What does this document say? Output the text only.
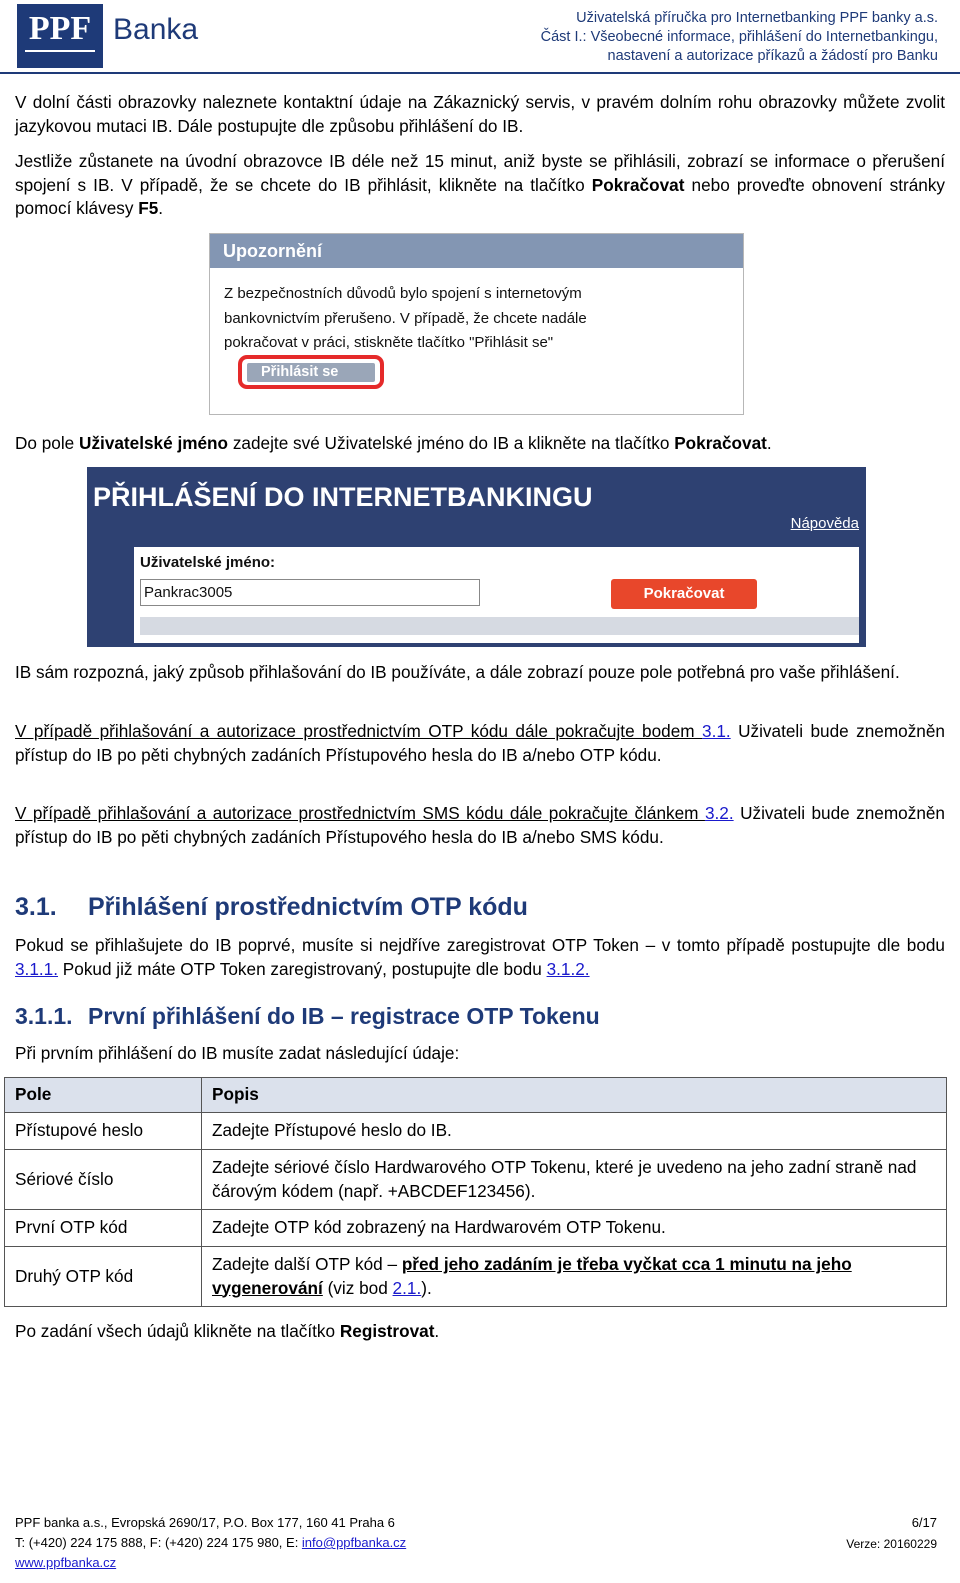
PPF Banka	Uživatelská příručka pro Internetbanking PPF banky a.s.
Část I.: Všeobecné informace, přihlášení do Internetbankingu,
nastavení a autorizace příkazů a žádostí pro Banku
V dolní části obrazovky naleznete kontaktní údaje na Zákaznický servis, v pravém dolním rohu obrazovky můžete zvolit jazykovou mutaci IB. Dále postupujte dle způsobu přihlášení do IB.
Jestliže zůstanete na úvodní obrazovce IB déle než 15 minut, aniž byste se přihlásili, zobrazí se informace o přerušení spojení s IB. V případě, že se chcete do IB přihlásit, klikněte na tlačítko Pokračovat nebo proveďte obnovení stránky pomocí klávesy F5.
Upozornění
Z bezpečnostních důvodů bylo spojení s internetovým
bankovnictvím přerušeno. V případě, že chcete nadále
pokračovat v práci, stiskněte tlačítko "Přihlásit se"
Přihlásit se
Do pole Uživatelské jméno zadejte své Uživatelské jméno do IB a klikněte na tlačítko Pokračovat.
PŘIHLÁŠENÍ DO INTERNETBANKINGU
Nápověda
Uživatelské jméno:
Pankrac3005	Pokračovat
IB sám rozpozná, jaký způsob přihlašování do IB používáte, a dále zobrazí pouze pole potřebná pro vaše přihlášení.
V případě přihlašování a autorizace prostřednictvím OTP kódu dále pokračujte bodem 3.1. Uživateli bude znemožněn přístup do IB po pěti chybných zadáních Přístupového hesla do IB a/nebo OTP kódu.
V případě přihlašování a autorizace prostřednictvím SMS kódu dále pokračujte článkem 3.2. Uživateli bude znemožněn přístup do IB po pěti chybných zadáních Přístupového hesla do IB a/nebo SMS kódu.
3.1. Přihlášení prostřednictvím OTP kódu
Pokud se přihlašujete do IB poprvé, musíte si nejdříve zaregistrovat OTP Token – v tomto případě postupujte dle bodu 3.1.1. Pokud již máte OTP Token zaregistrovaný, postupujte dle bodu 3.1.2.
3.1.1. První přihlášení do IB – registrace OTP Tokenu
Při prvním přihlášení do IB musíte zadat následující údaje:
Pole	Popis
Přístupové heslo	Zadejte Přístupové heslo do IB.
Sériové číslo	Zadejte sériové číslo Hardwarového OTP Tokenu, které je uvedeno na jeho zadní straně nad čárovým kódem (např. +ABCDEF123456).
První OTP kód	Zadejte OTP kód zobrazený na Hardwarovém OTP Tokenu.
Druhý OTP kód	Zadejte další OTP kód – před jeho zadáním je třeba vyčkat cca 1 minutu na jeho vygenerování (viz bod 2.1.).
Po zadání všech údajů klikněte na tlačítko Registrovat.
PPF banka a.s., Evropská 2690/17, P.O. Box 177, 160 41 Praha 6
T: (+420) 224 175 888, F: (+420) 224 175 980, E: info@ppfbanka.cz
www.ppfbanka.cz
6/17
Verze: 20160229
